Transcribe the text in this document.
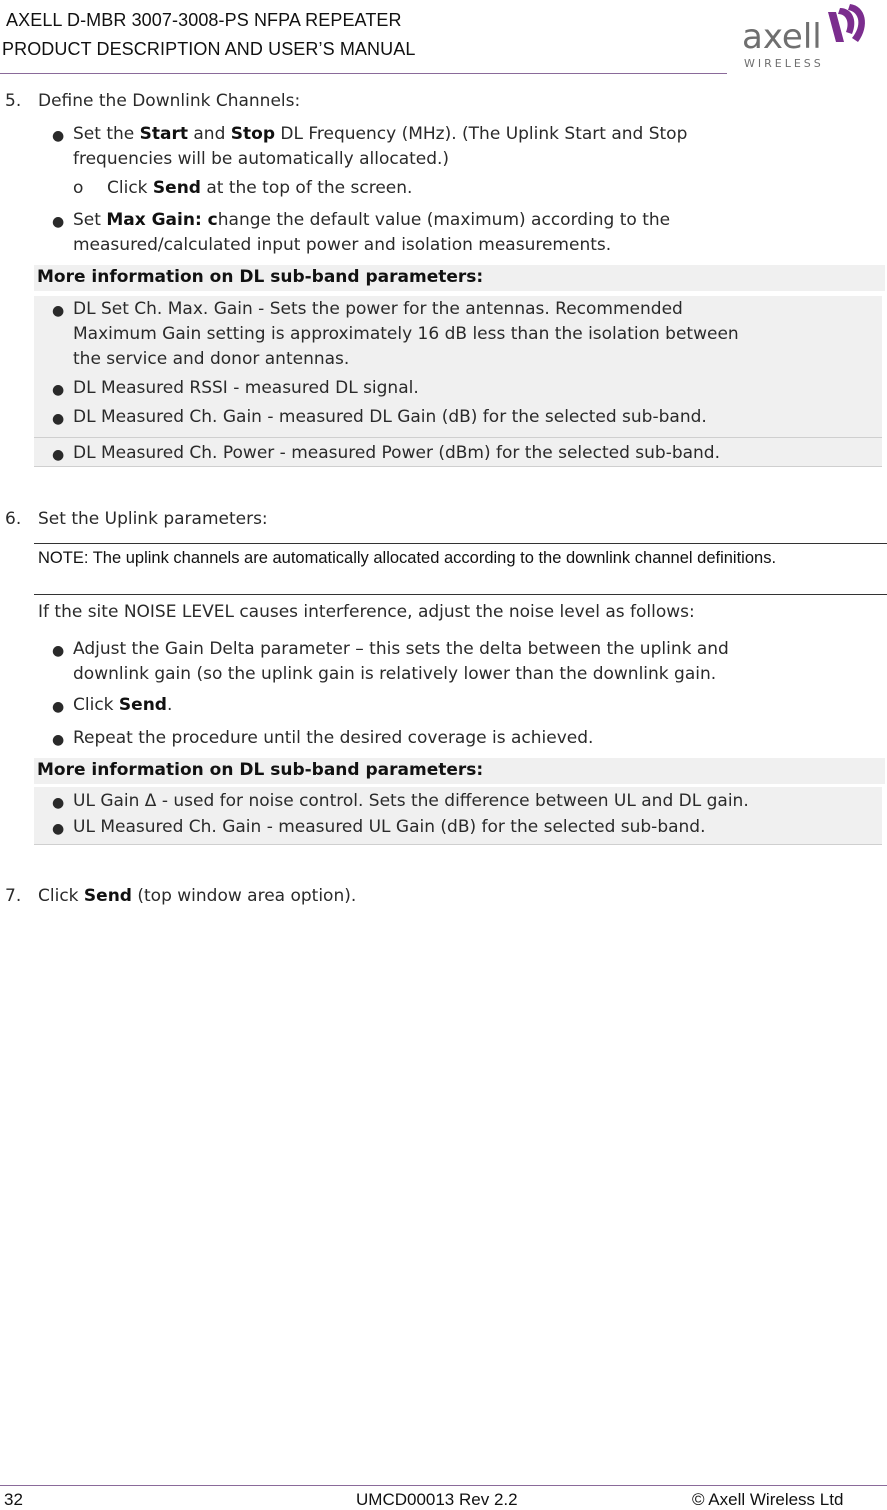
AXELL D-MBR 3007-3008-PS NFPA REPEATER
PRODUCT DESCRIPTION AND USER’S MANUAL	axell
WIRELESS
5. Define the Downlink Channels:
● Set the Start and Stop DL Frequency (MHz). (The Uplink Start and Stop
frequencies will be automatically allocated.)
o Click Send at the top of the screen.
● Set Max Gain: change the default value (maximum) according to the
measured/calculated input power and isolation measurements.
More information on DL sub-band parameters:
● DL Set Ch. Max. Gain - Sets the power for the antennas. Recommended
Maximum Gain setting is approximately 16 dB less than the isolation between
the service and donor antennas.
● DL Measured RSSI - measured DL signal.
● DL Measured Ch. Gain - measured DL Gain (dB) for the selected sub-band.
● DL Measured Ch. Power - measured Power (dBm) for the selected sub-band.
6. Set the Uplink parameters:
NOTE: The uplink channels are automatically allocated according to the downlink channel definitions.
If the site NOISE LEVEL causes interference, adjust the noise level as follows:
● Adjust the Gain Delta parameter – this sets the delta between the uplink and
downlink gain (so the uplink gain is relatively lower than the downlink gain.
● Click Send.
● Repeat the procedure until the desired coverage is achieved.
More information on DL sub-band parameters:
● UL Gain Δ - used for noise control. Sets the difference between UL and DL gain.
● UL Measured Ch. Gain - measured UL Gain (dB) for the selected sub-band.
7. Click Send (top window area option).
32	UMCD00013 Rev 2.2	© Axell Wireless Ltd
